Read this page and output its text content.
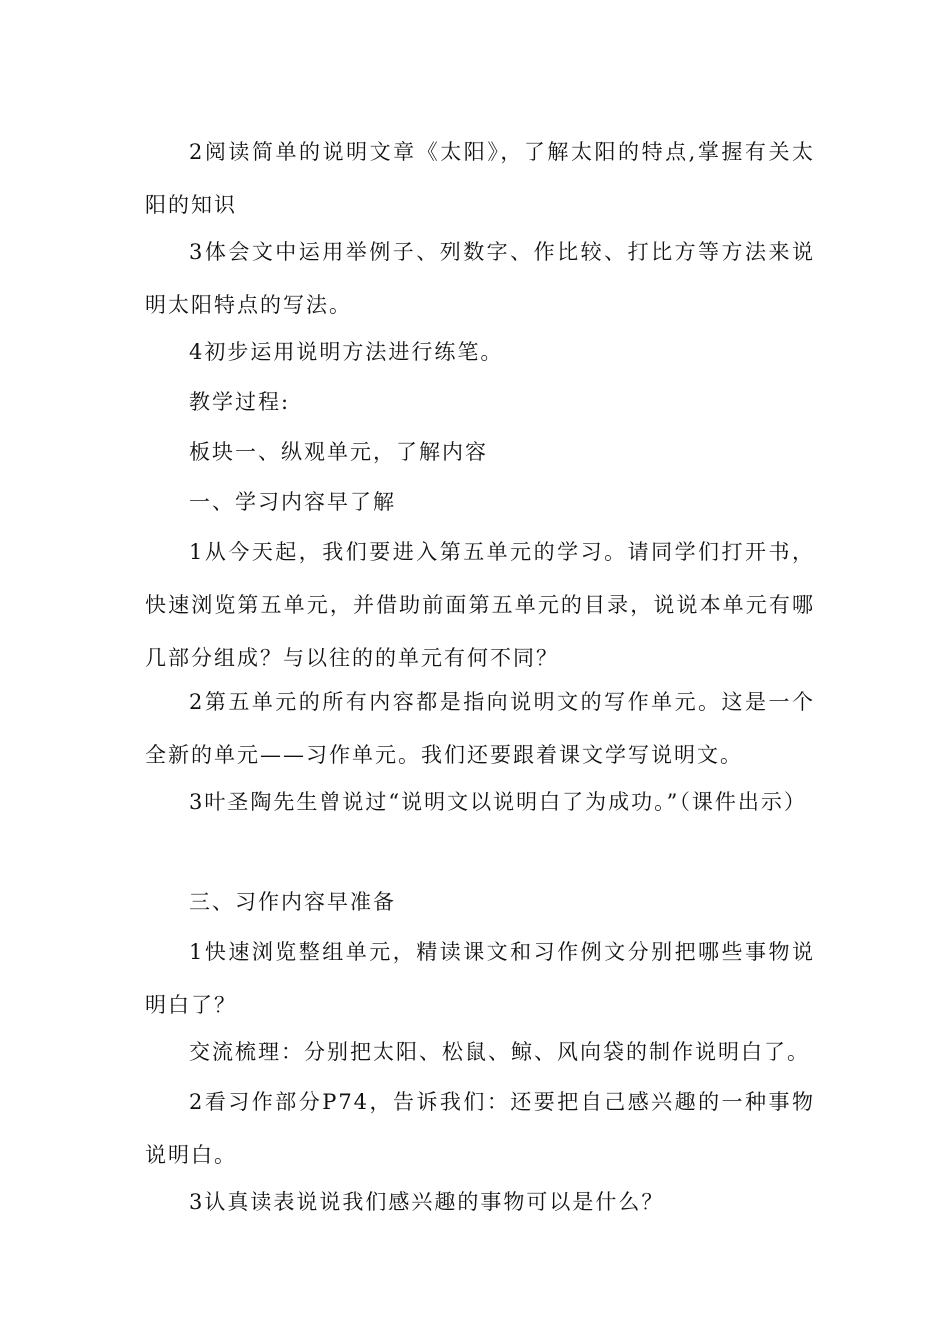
2阅读简单的说明文章《太阳》，了解太阳的特点,掌握有关太阳的知识

3体会文中运用举例子、列数字、作比较、打比方等方法来说明太阳特点的写法。

4初步运用说明方法进行练笔。

教学过程:

板块一、纵观单元，了解内容

一、学习内容早了解

1从今天起，我们要进入第五单元的学习。请同学们打开书，快速浏览第五单元，并借助前面第五单元的目录，说说本单元有哪几部分组成？与以往的的单元有何不同？

2第五单元的所有内容都是指向说明文的写作单元。这是一个全新的单元——习作单元。我们还要跟着课文学写说明文。

3叶圣陶先生曾说过“说明文以说明白了为成功。”（课件出示）

三、习作内容早准备

1快速浏览整组单元，精读课文和习作例文分别把哪些事物说明白了？

交流梳理：分别把太阳、松鼠、鲸、风向袋的制作说明白了。

2看习作部分P74，告诉我们：还要把自己感兴趣的一种事物说明白。

3认真读表说说我们感兴趣的事物可以是什么？
